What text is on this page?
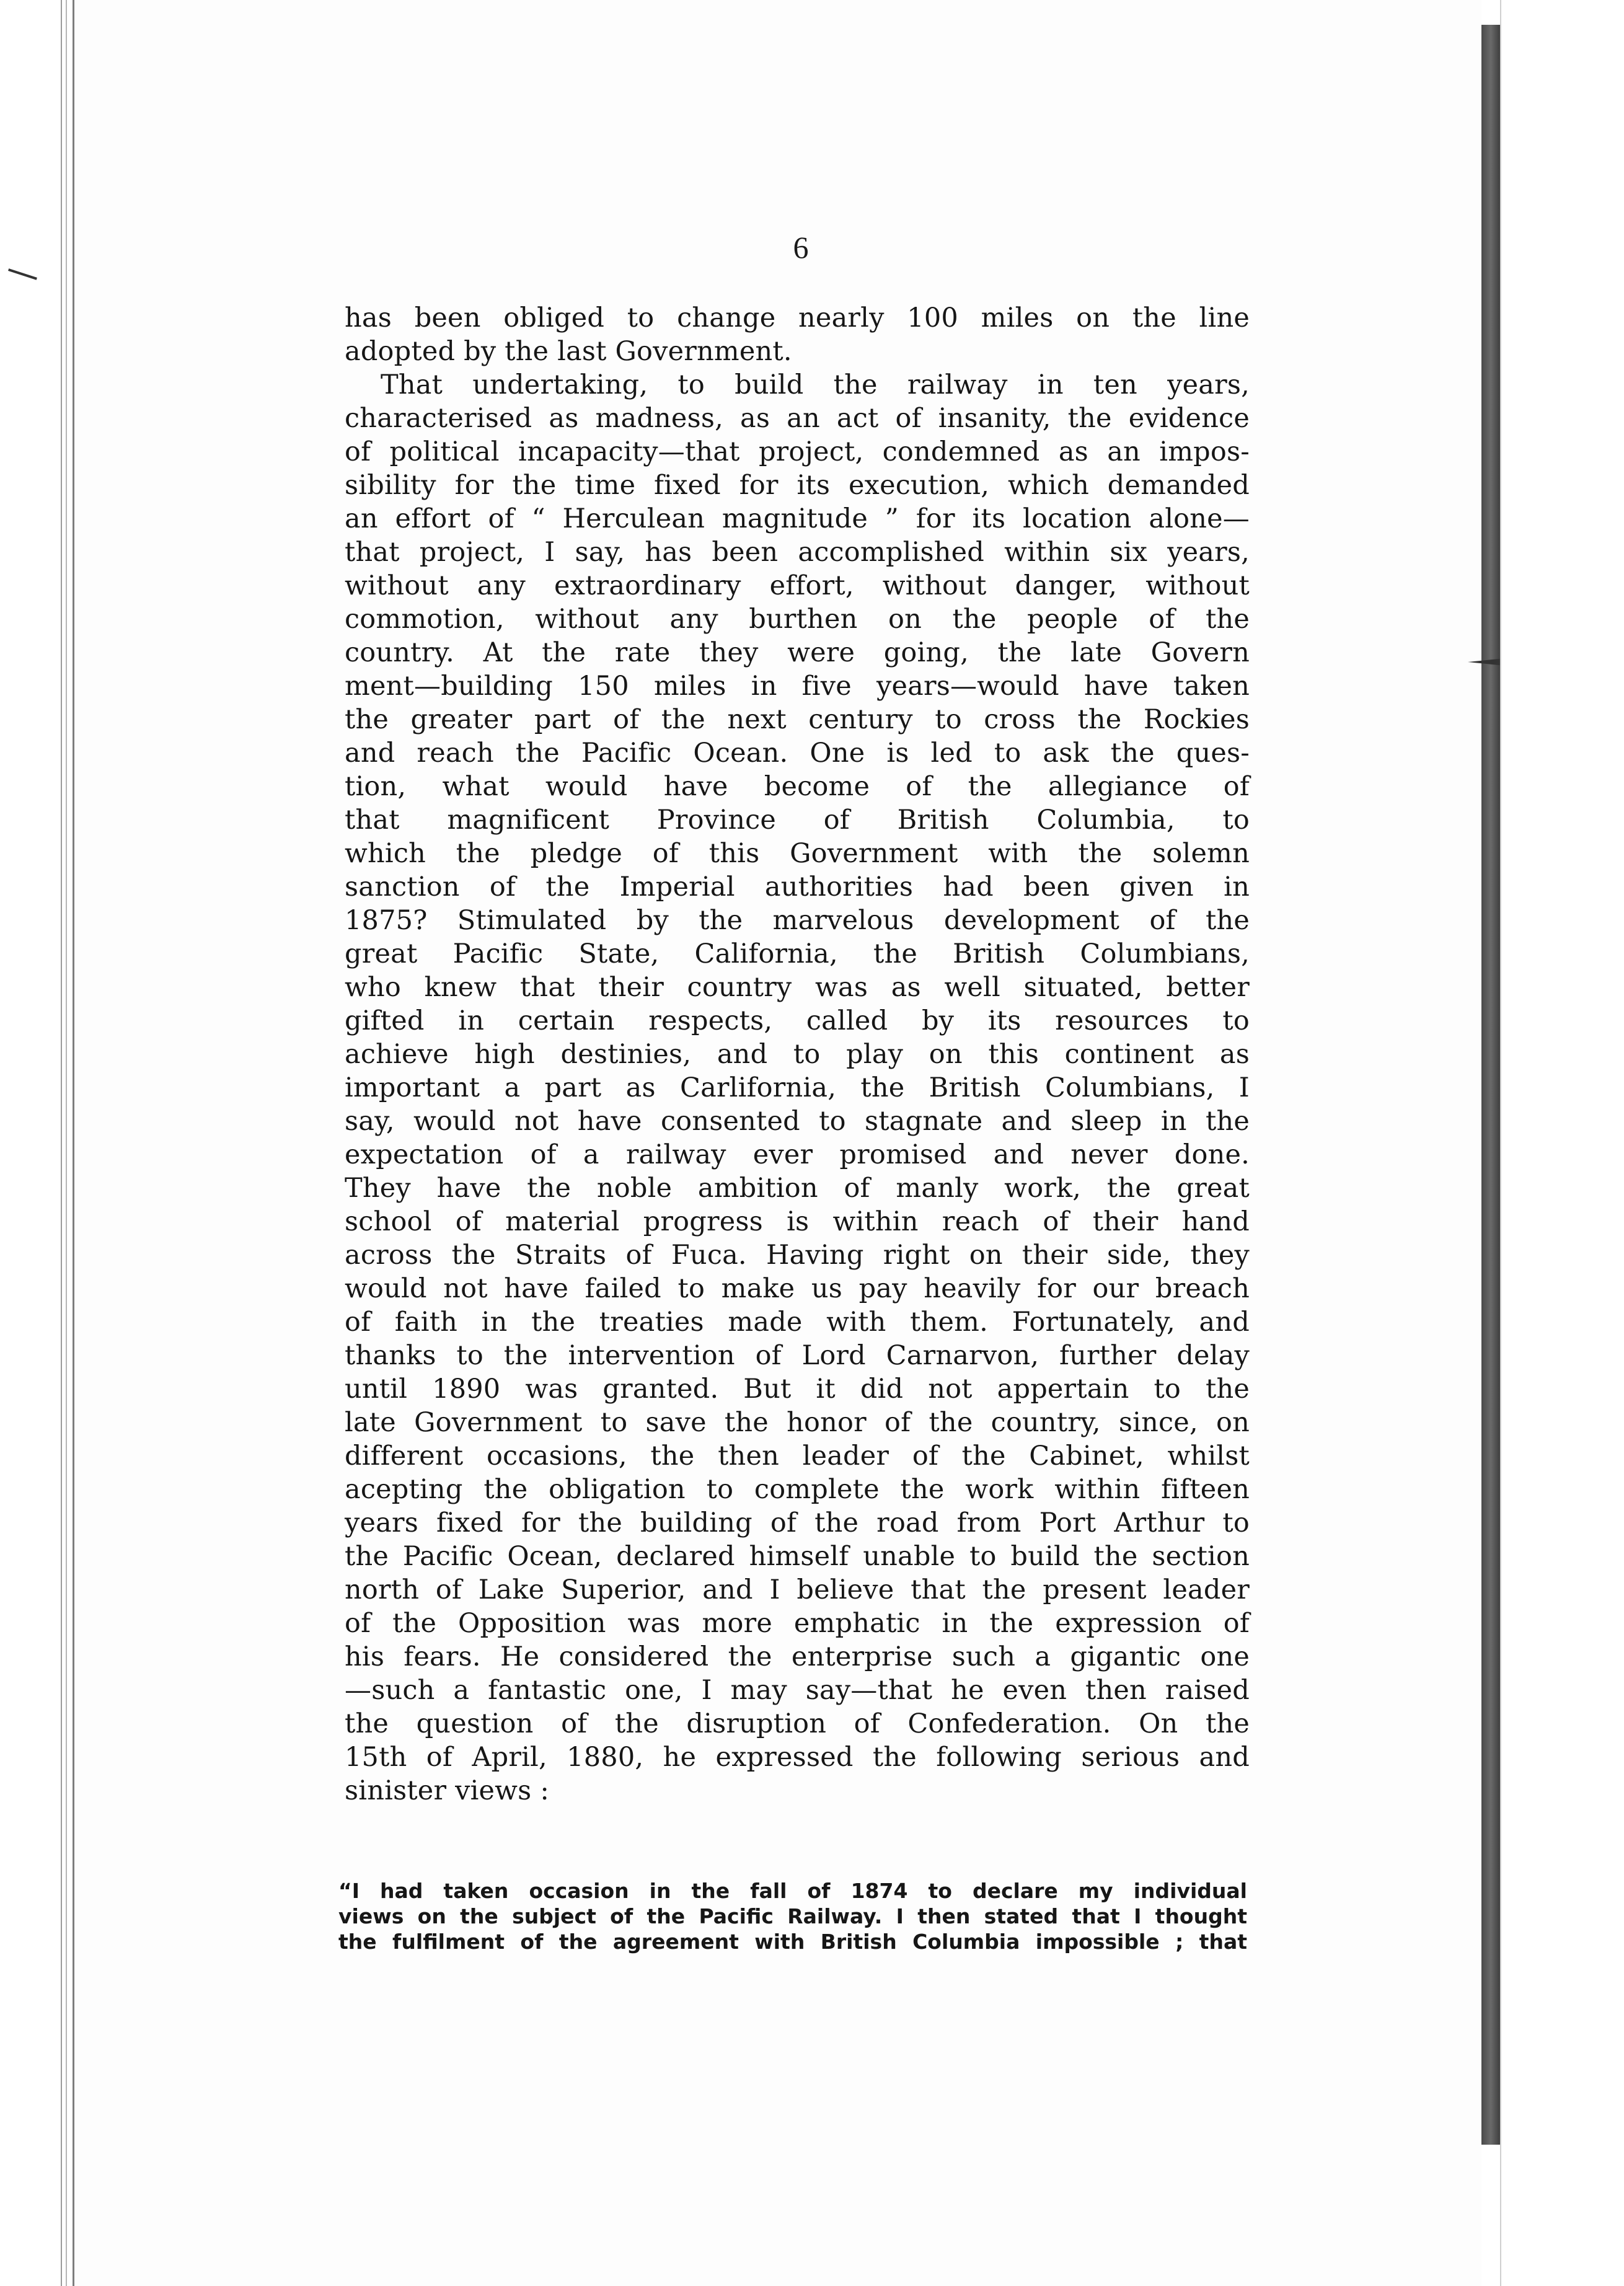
6
has been obliged to change nearly 100 miles on the line
adopted by the last Government.
That undertaking, to build the railway in ten years,
characterised as madness, as an act of insanity, the evidence
of political incapacity—that project, condemned as an impos-
sibility for the time fixed for its execution, which demanded
an effort of “ Herculean magnitude ” for its location alone—
that project, I say, has been accomplished within six years,
without any extraordinary effort, without danger, without
commotion, without any burthen on the people of the
country. At the rate they were going, the late Govern
ment—building 150 miles in five years—would have taken
the greater part of the next century to cross the Rockies
and reach the Pacific Ocean. One is led to ask the ques-
tion, what would have become of the allegiance of
that magnificent Province of British Columbia, to
which the pledge of this Government with the solemn
sanction of the Imperial authorities had been given in
1875? Stimulated by the marvelous development of the
great Pacific State, California, the British Columbians,
who knew that their country was as well situated, better
gifted in certain respects, called by its resources to
achieve high destinies, and to play on this continent as
important a part as Carlifornia, the British Columbians, I
say, would not have consented to stagnate and sleep in the
expectation of a railway ever promised and never done.
They have the noble ambition of manly work, the great
school of material progress is within reach of their hand
across the Straits of Fuca. Having right on their side, they
would not have failed to make us pay heavily for our breach
of faith in the treaties made with them. Fortunately, and
thanks to the intervention of Lord Carnarvon, further delay
until 1890 was granted. But it did not appertain to the
late Government to save the honor of the country, since, on
different occasions, the then leader of the Cabinet, whilst
acepting the obligation to complete the work within fifteen
years fixed for the building of the road from Port Arthur to
the Pacific Ocean, declared himself unable to build the section
north of Lake Superior, and I believe that the present leader
of the Opposition was more emphatic in the expression of
his fears. He considered the enterprise such a gigantic one
—such a fantastic one, I may say—that he even then raised
the question of the disruption of Confederation. On the
15th of April, 1880, he expressed the following serious and
sinister views :
“I had taken occasion in the fall of 1874 to declare my individual
views on the subject of the Pacific Railway. I then stated that I thought
the fulfilment of the agreement with British Columbia impossible ; that
